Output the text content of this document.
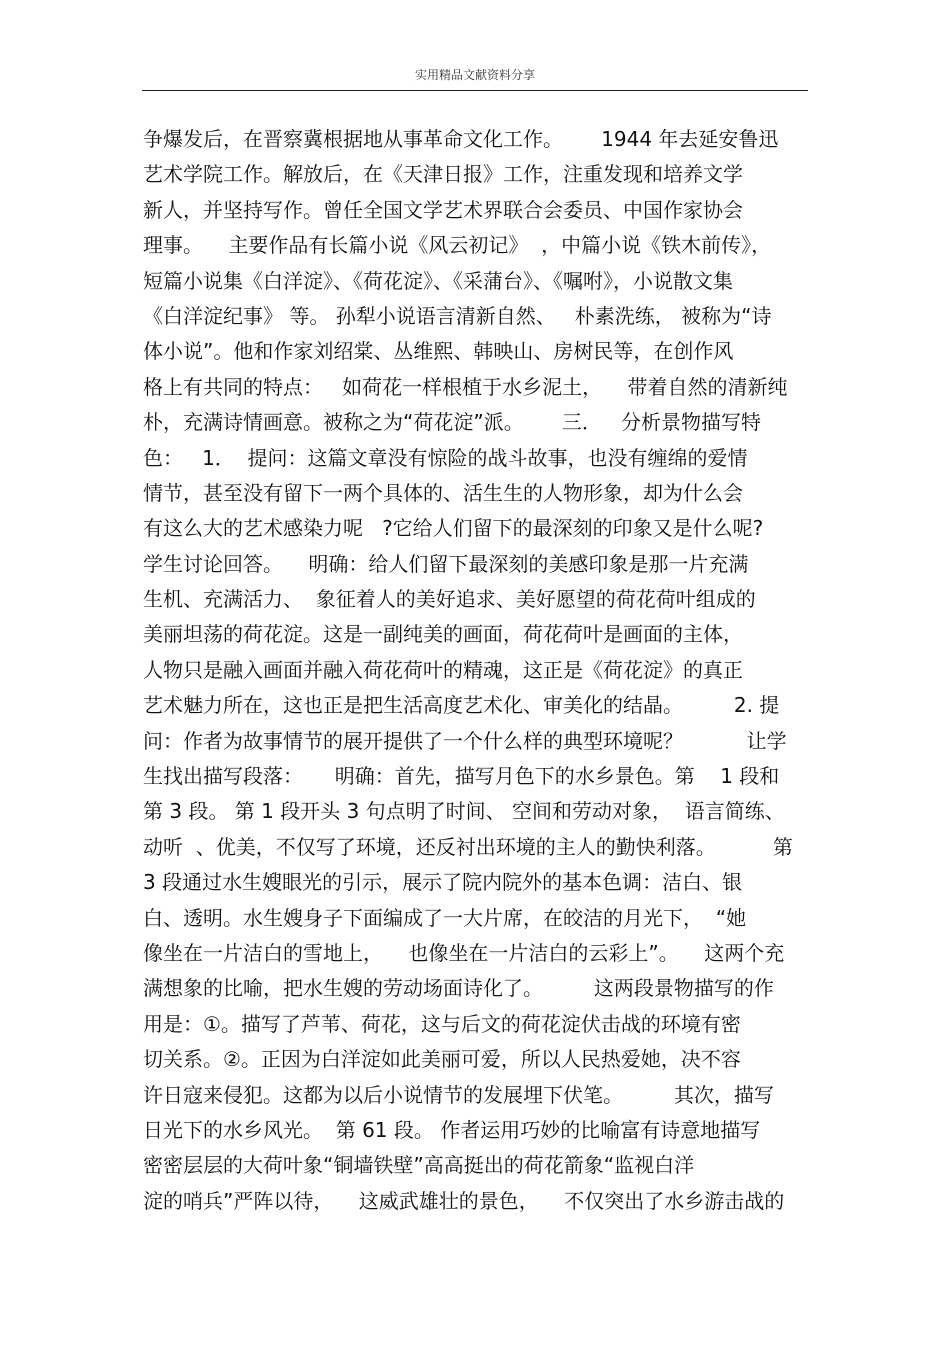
实用精品文献资料分享
争爆发后，在晋察冀根据地从事革命文化工作。      1944 年去延安鲁迅
艺术学院工作。解放后，在《天津日报》工作，注重发现和培养文学
新人，并坚持写作。曾任全国文学艺术界联合会委员、中国作家协会
理事。    主要作品有长篇小说《风云初记》  ，中篇小说《铁木前传》，
短篇小说集《白洋淀》、《荷花淀》、《采蒲台》、《嘱咐》，小说散文集
《白洋淀纪事》 等。 孙犁小说语言清新自然、   朴素洗练， 被称为“诗
体小说”。他和作家刘绍棠、丛维熙、韩映山、房树民等，在创作风
格上有共同的特点：   如荷花一样根植于水乡泥土，    带着自然的清新纯
朴，充满诗情画意。被称之为“荷花淀”派。      三．   分析景物描写特
色：   1．  提问：这篇文章没有惊险的战斗故事，也没有缠绵的爱情
情节，甚至没有留下一两个具体的、活生生的人物形象，却为什么会
有这么大的艺术感染力呢   ?它给人们留下的最深刻的印象又是什么呢?
学生讨论回答。    明确：给人们留下最深刻的美感印象是那一片充满
生机、充满活力、  象征着人的美好追求、美好愿望的荷花荷叶组成的
美丽坦荡的荷花淀。这是一副纯美的画面，荷花荷叶是画面的主体，
人物只是融入画面并融入荷花荷叶的精魂，这正是《荷花淀》的真正
艺术魅力所在，这也正是把生活高度艺术化、审美化的结晶。        2. 提
问：作者为故事情节的展开提供了一个什么样的典型环境呢？          让学
生找出描写段落：     明确：首先，描写月色下的水乡景色。第    1 段和
第 3 段。 第 1 段开头 3 句点明了时间、 空间和劳动对象，  语言简练、
动听  、优美，不仅写了环境，还反衬出环境的主人的勤快利落。         第
3 段通过水生嫂眼光的引示，展示了院内院外的基本色调：洁白、银
白、透明。水生嫂身子下面编成了一大片席，在皎洁的月光下，  “她
像坐在一片洁白的雪地上，    也像坐在一片洁白的云彩上”。    这两个充
满想象的比喻，把水生嫂的劳动场面诗化了。        这两段景物描写的作
用是：①。描写了芦苇、荷花，这与后文的荷花淀伏击战的环境有密
切关系。②。正因为白洋淀如此美丽可爱，所以人民热爱她，决不容
许日寇来侵犯。这都为以后小说情节的发展埋下伏笔。        其次，描写
日光下的水乡风光。  第 61 段。 作者运用巧妙的比喻富有诗意地描写
密密层层的大荷叶象“铜墙铁壁”高高挺出的荷花箭象“监视白洋
淀的哨兵”严阵以待，    这威武雄壮的景色，    不仅突出了水乡游击战的
